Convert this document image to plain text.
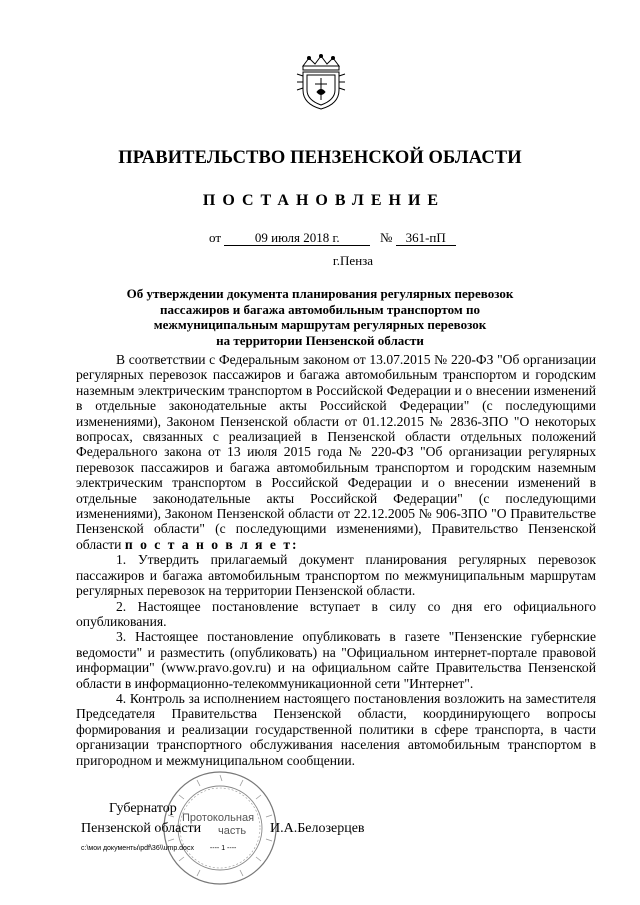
ПРАВИТЕЛЬСТВО ПЕНЗЕНСКОЙ ОБЛАСТИ
ПОСТАНОВЛЕНИЕ
от	09 июля 2018 г.	№ 361-пП
г.Пенза
Об утверждении документа планирования регулярных перевозок
пассажиров и багажа автомобильным транспортом по
межмуниципальным маршрутам регулярных перевозок
на территории Пензенской области

В соответствии с Федеральным законом от 13.07.2015 № 220-ФЗ "Об организации регулярных перевозок пассажиров и багажа автомобильным транспортом и городским наземным электрическим транспортом в Российской Федерации и о внесении изменений в отдельные законодательные акты Российской Федерации" (с последующими изменениями), Законом Пензенской области от 01.12.2015 № 2836-ЗПО "О некоторых вопросах, связанных с реализацией в Пензенской области отдельных положений Федерального закона от 13 июля 2015 года № 220-ФЗ "Об организации регулярных перевозок пассажиров и багажа автомобильным транспортом и городским наземным электрическим транспортом в Российской Федерации и о внесении изменений в отдельные законодательные акты Российской Федерации" (с последующими изменениями), Законом Пензенской области от 22.12.2005 № 906-ЗПО "О Правительстве Пензенской области" (с последующими изменениями), Правительство Пензенской области п о с т а н о в л я е т:

1. Утвердить прилагаемый документ планирования регулярных перевозок пассажиров и багажа автомобильным транспортом по межмуниципальным маршрутам регулярных перевозок на территории Пензенской области.

2. Настоящее постановление вступает в силу со дня его официального опубликования.

3. Настоящее постановление опубликовать в газете "Пензенские губернские ведомости" и разместить (опубликовать) на "Официальном интернет-портале правовой информации" (www.pravo.gov.ru) и на официальном сайте Правительства Пензенской области в информационно-телекоммуникационной сети "Интернет".

4. Контроль за исполнением настоящего постановления возложить на заместителя Председателя Правительства Пензенской области, координирующего вопросы формирования и реализации государственной политики в сфере транспорта, в части организации транспортного обслуживания населения автомобильным транспортом в пригородном и межмуниципальном сообщении.

Протокольная
часть
Губернатор
Пензенской области	И.А.Белозерцев
c:\мои документы\pdf\36\\ump.docx ---- 1 ----
